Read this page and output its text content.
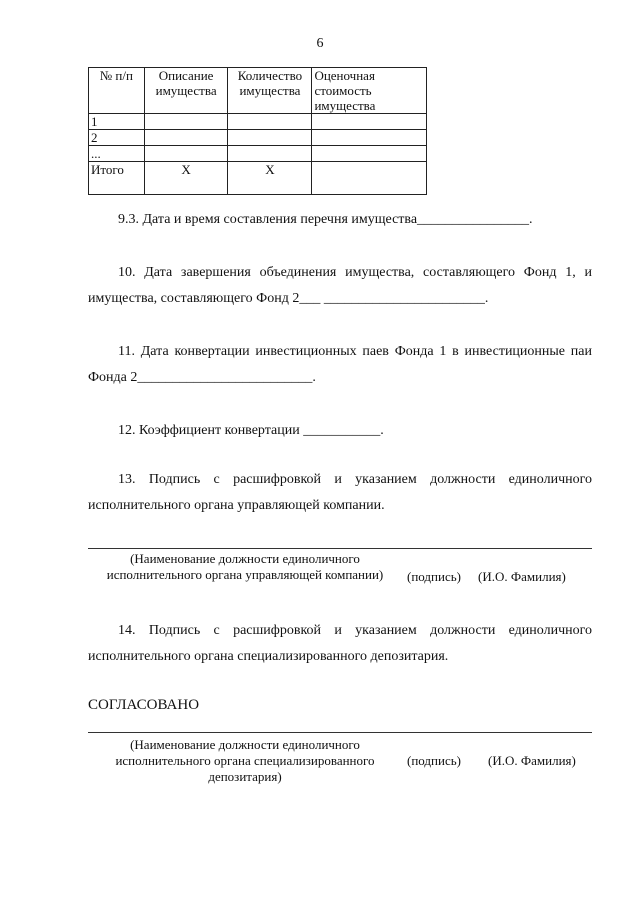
6
№ п/п	Описание имущества	Количество имущества	Оценочная стоимость имущества
1			
2			
...			
Итого	Х	Х	
9.3. Дата и время составления перечня имущества________________.
10. Дата завершения объединения имущества, составляющего Фонд 1, и имущества, составляющего Фонд 2___ _______________________.
11. Дата конвертации инвестиционных паев Фонда 1 в инвестиционные паи Фонда 2_________________________.
12. Коэффициент конвертации ___________.
13. Подпись с расшифровкой и указанием должности единоличного исполнительного органа управляющей компании.
(Наименование должности единоличного исполнительного органа управляющей компании)	(подпись) (И.О. Фамилия)
14. Подпись с расшифровкой и указанием должности единоличного исполнительного органа специализированного депозитария.
СОГЛАСОВАНО
(Наименование должности единоличного исполнительного органа специализированного депозитария)
(подпись) (И.О. Фамилия)
